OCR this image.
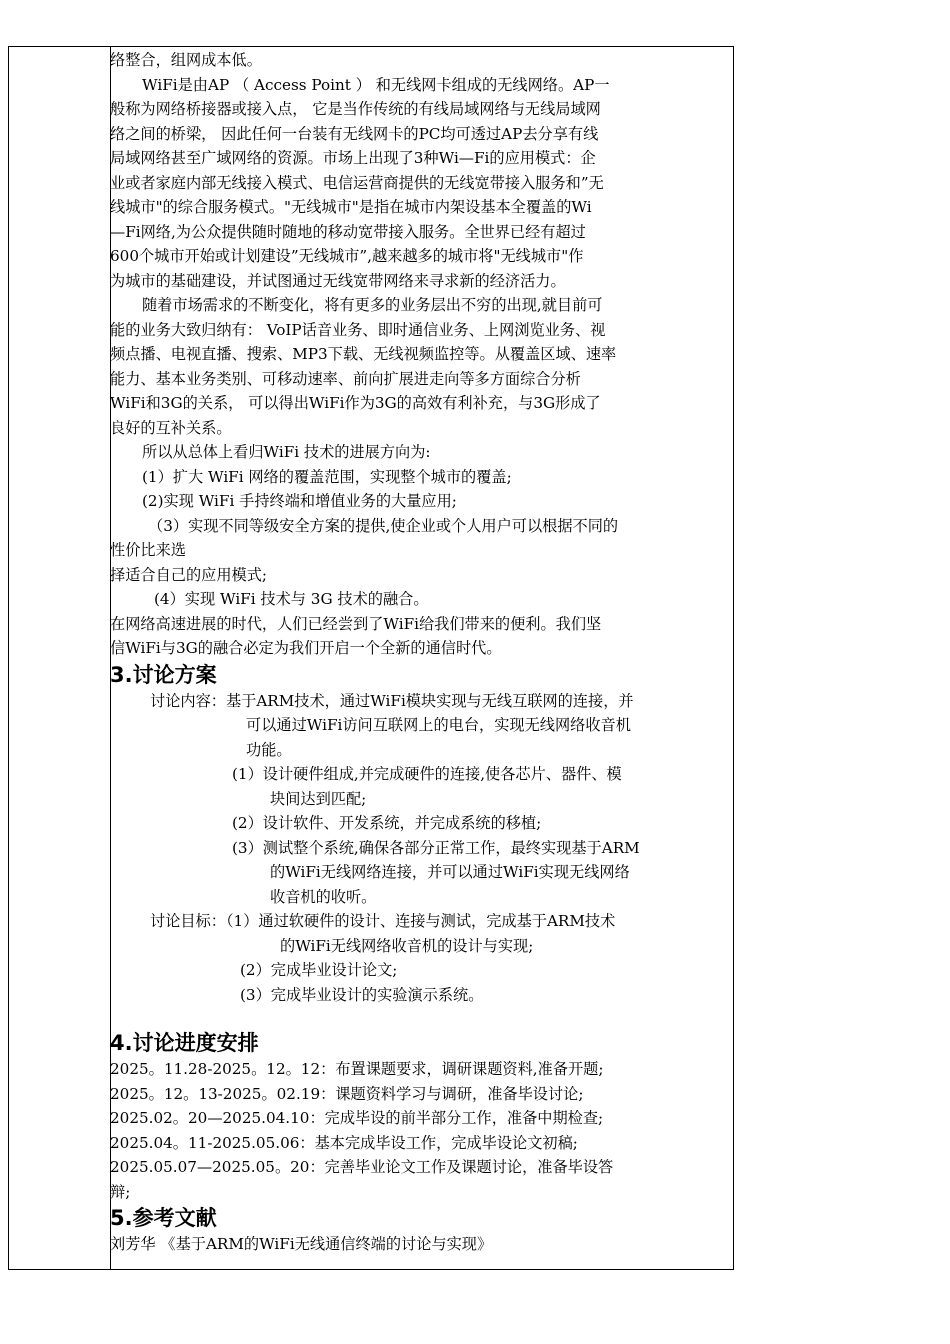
络整合，组网成本低。
WiFi是由AP （ Access Point ） 和无线网卡组成的无线网络。AP一
般称为网络桥接器或接入点， 它是当作传统的有线局域网络与无线局域网
络之间的桥梁， 因此任何一台装有无线网卡的PC均可透过AP去分享有线
局域网络甚至广域网络的资源。市场上出现了3种Wi—Fi的应用模式：企
业或者家庭内部无线接入模式、电信运营商提供的无线宽带接入服务和”无
线城市"的综合服务模式。"无线城市"是指在城市内架设基本全覆盖的Wi
—Fi网络,为公众提供随时随地的移动宽带接入服务。全世界已经有超过
600个城市开始或计划建设”无线城市”,越来越多的城市将"无线城市"作
为城市的基础建设，并试图通过无线宽带网络来寻求新的经济活力。
随着市场需求的不断变化，将有更多的业务层出不穷的出现,就目前可
能的业务大致归纳有： VoIP话音业务、即时通信业务、上网浏览业务、视
频点播、电视直播、搜索、MP3下载、无线视频监控等。从覆盖区域、速率
能力、基本业务类别、可移动速率、前向扩展进走向等多方面综合分析
WiFi和3G的关系， 可以得出WiFi作为3G的高效有利补充，与3G形成了
良好的互补关系。
所以从总体上看归WiFi 技术的进展方向为:
(1）扩大 WiFi 网络的覆盖范围，实现整个城市的覆盖;
(2)实现 WiFi 手持终端和增值业务的大量应用;
（3）实现不同等级安全方案的提供,使企业或个人用户可以根据不同的
性价比来选
择适合自己的应用模式;
(4）实现 WiFi 技术与 3G 技术的融合。
在网络高速进展的时代，人们已经尝到了WiFi给我们带来的便利。我们坚
信WiFi与3G的融合必定为我们开启一个全新的通信时代。
3.讨论方案
讨论内容：基于ARM技术，通过WiFi模块实现与无线互联网的连接，并
可以通过WiFi访问互联网上的电台，实现无线网络收音机
功能。
(1）设计硬件组成,并完成硬件的连接,使各芯片、器件、模
块间达到匹配;
(2）设计软件、开发系统，并完成系统的移植;
(3）测试整个系统,确保各部分正常工作，最终实现基于ARM
的WiFi无线网络连接，并可以通过WiFi实现无线网络
收音机的收听。
讨论目标：（1）通过软硬件的设计、连接与测试，完成基于ARM技术
的WiFi无线网络收音机的设计与实现;
(2）完成毕业设计论文;
(3）完成毕业设计的实验演示系统。
4.讨论进度安排
2025。11.28-2025。12。12：布置课题要求，调研课题资料,准备开题;
2025。12。13-2025。02.19：课题资料学习与调研，准备毕设讨论;
2025.02。20—2025.04.10：完成毕设的前半部分工作，准备中期检查;
2025.04。11-2025.05.06：基本完成毕设工作，完成毕设论文初稿;
2025.05.07—2025.05。20：完善毕业论文工作及课题讨论，准备毕设答
辩;
5.参考文献
刘芳华 《基于ARM的WiFi无线通信终端的讨论与实现》
